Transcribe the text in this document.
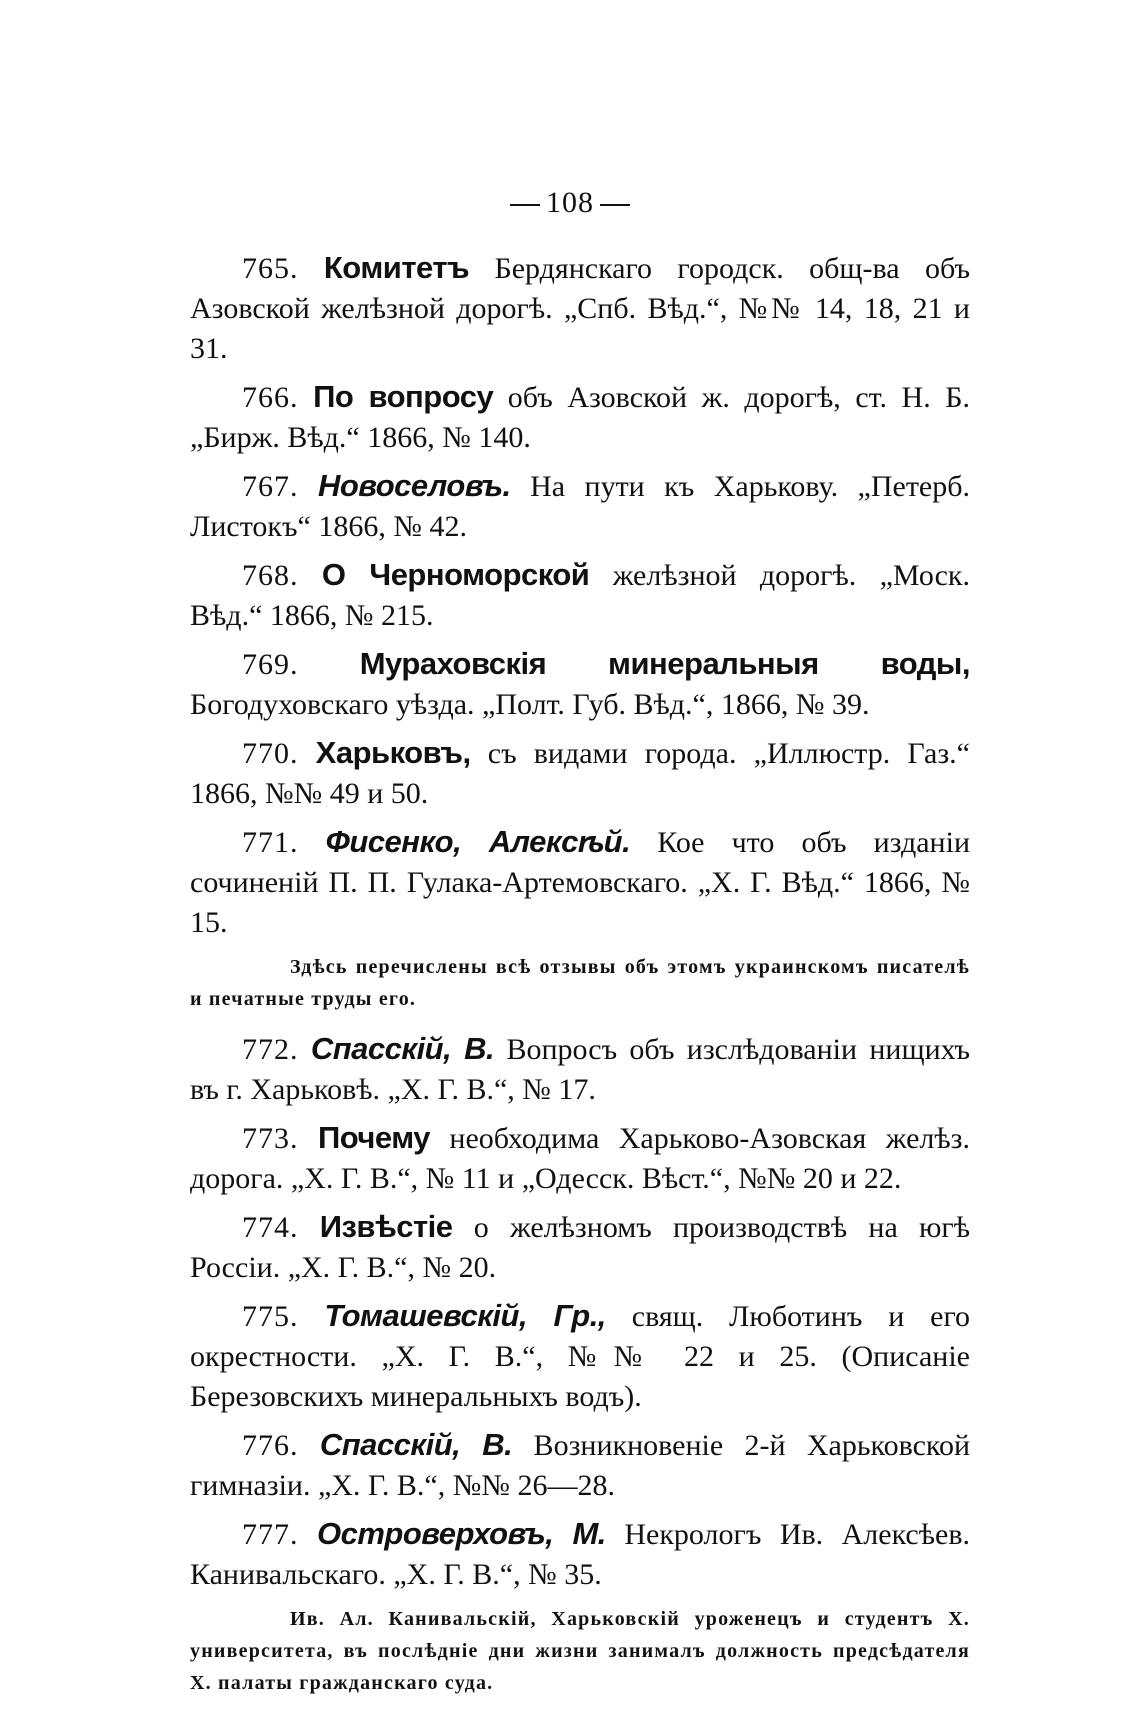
108

765. Комитетъ Бердянскаго городск. общ-ва объ Азовской желѣзной дорогѣ. „Спб. Вѣд.“, №№ 14, 18, 21 и 31.

766. По вопросу объ Азовской ж. дорогѣ, ст. Н. Б. „Бирж. Вѣд.“ 1866, № 140.

767. Новоселовъ. На пути къ Харькову. „Петерб. Листокъ“ 1866, № 42.

768. О Черноморской желѣзной дорогѣ. „Моск. Вѣд.“ 1866, № 215.

769. Мураховскія минеральныя воды, Богодуховскаго уѣзда. „Полт. Губ. Вѣд.“, 1866, № 39.

770. Харьковъ, съ видами города. „Иллюстр. Газ.“ 1866, №№ 49 и 50.

771. Фисенко, Алексѣй. Кое что объ изданіи сочиненій П. П. Гулака-Артемовскаго. „Х. Г. Вѣд.“ 1866, № 15.

Здѣсь перечислены всѣ отзывы объ этомъ украинскомъ писателѣ и печатные труды его.

772. Спасскій, В. Вопросъ объ изслѣдованіи нищихъ въ г. Харьковѣ. „Х. Г. В.“, № 17.

773. Почему необходима Харьково-Азовская желѣз. дорога. „Х. Г. В.“, № 11 и „Одесск. Вѣст.“, №№ 20 и 22.

774. Извѣстіе о желѣзномъ производствѣ на югѣ Россіи. „Х. Г. В.“, № 20.

775. Томашевскій, Гр., свящ. Люботинъ и его окрестности. „Х. Г. В.“, №№ 22 и 25. (Описаніе Березовскихъ минеральныхъ водъ).

776. Спасскій, В. Возникновеніе 2-й Харьковской гимназіи. „Х. Г. В.“, №№ 26—28.

777. Островерховъ, М. Некрологъ Ив. Алексѣев. Канивальскаго. „Х. Г. В.“, № 35.

Ив. Ал. Канивальскій, Харьковскій уроженецъ и студентъ Х. университета, въ послѣдніе дни жизни занималъ должность предсѣдателя Х. палаты гражданскаго суда.
